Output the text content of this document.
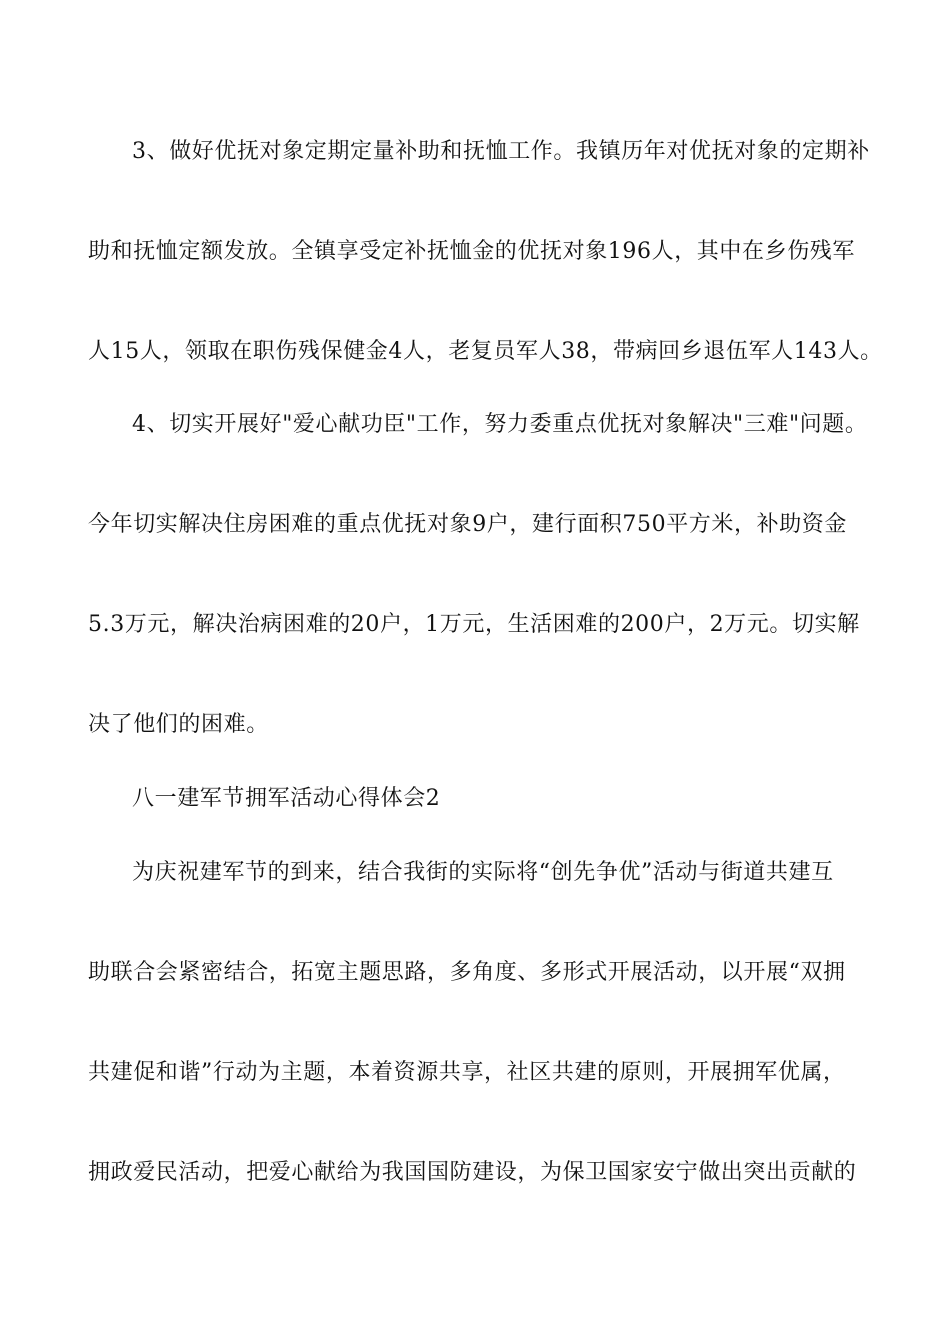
3、做好优抚对象定期定量补助和抚恤工作。我镇历年对优抚对象的定期补
助和抚恤定额发放。全镇享受定补抚恤金的优抚对象196人，其中在乡伤残军
人15人，领取在职伤残保健金4人，老复员军人38，带病回乡退伍军人143人。
4、切实开展好"爱心献功臣"工作，努力委重点优抚对象解决"三难"问题。
今年切实解决住房困难的重点优抚对象9户，建行面积750平方米，补助资金
5.3万元，解决治病困难的20户，1万元，生活困难的200户，2万元。切实解
决了他们的困难。
八一建军节拥军活动心得体会2
为庆祝建军节的到来，结合我街的实际将“创先争优”活动与街道共建互
助联合会紧密结合，拓宽主题思路，多角度、多形式开展活动，以开展“双拥
共建促和谐”行动为主题，本着资源共享，社区共建的原则，开展拥军优属，
拥政爱民活动，把爱心献给为我国国防建设，为保卫国家安宁做出突出贡献的
